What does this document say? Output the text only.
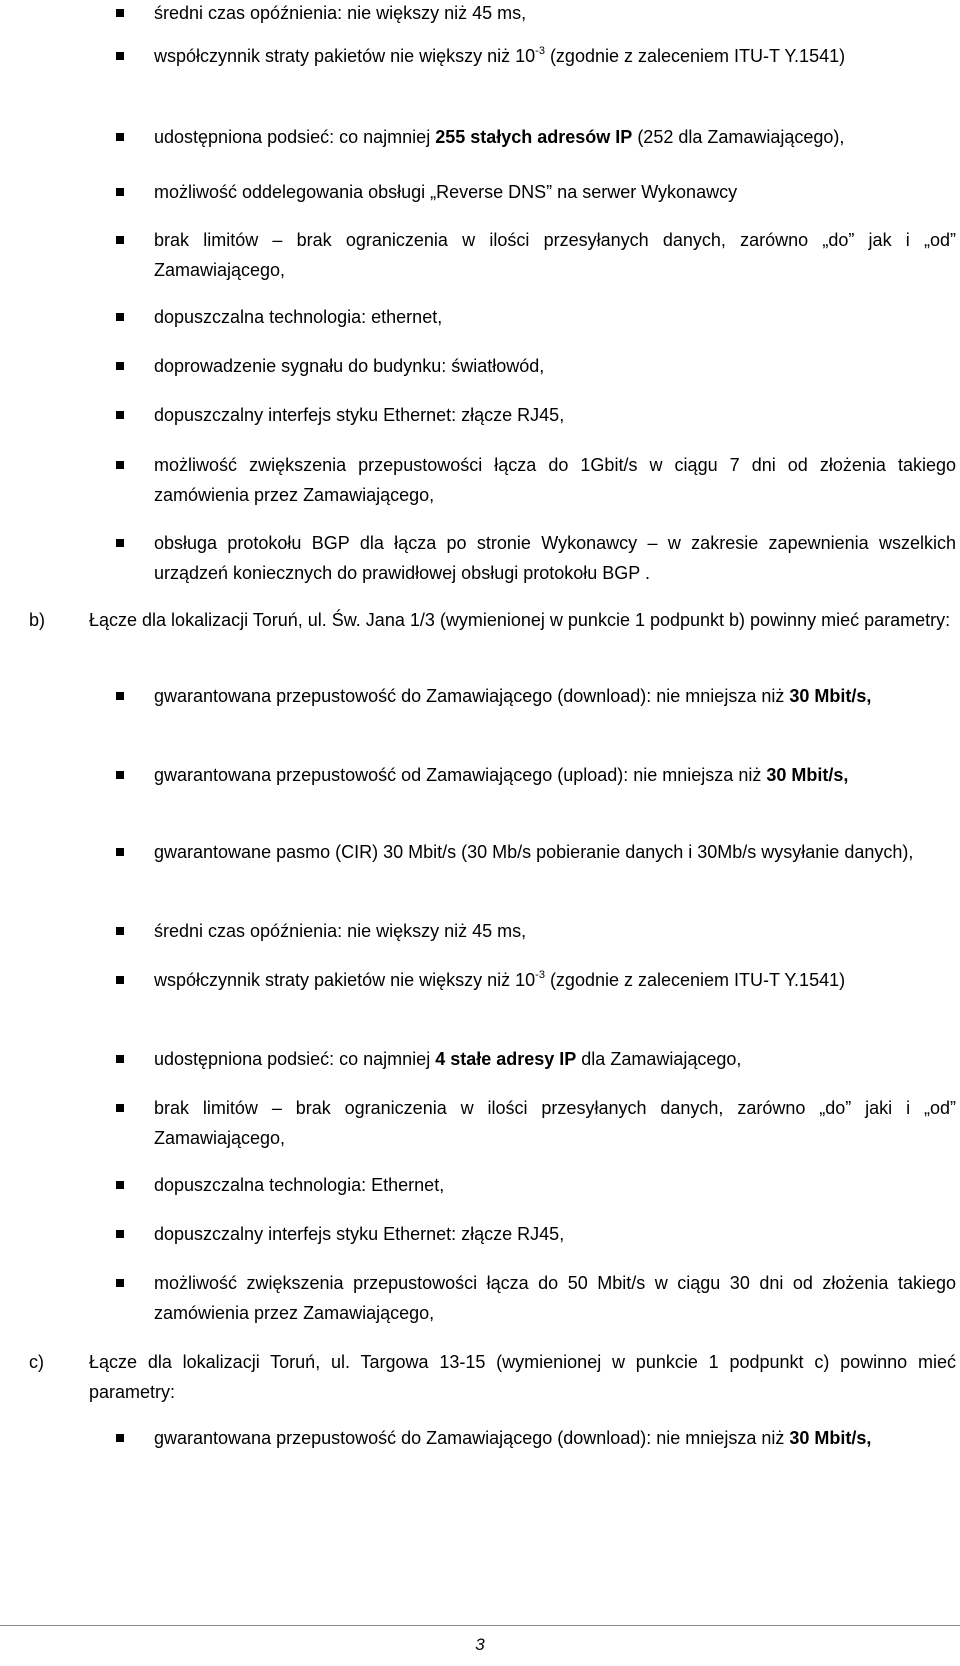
średni czas opóźnienia: nie większy niż 45 ms,
współczynnik straty pakietów nie większy niż $10^{-3}$ (zgodnie z zaleceniem ITU-T Y.1541)
udostępniona podsieć: co najmniej 255 stałych adresów IP (252 dla Zamawiającego),
możliwość oddelegowania obsługi „Reverse DNS” na serwer Wykonawcy
brak limitów – brak ograniczenia w ilości przesyłanych danych, zarówno „do” jak i „od” Zamawiającego,
dopuszczalna technologia: ethernet,
doprowadzenie sygnału do budynku: światłowód,
dopuszczalny interfejs styku Ethernet: złącze RJ45,
możliwość zwiększenia przepustowości łącza do 1Gbit/s w ciągu 7 dni od złożenia takiego zamówienia przez Zamawiającego,
obsługa protokołu BGP dla łącza po stronie Wykonawcy – w zakresie zapewnienia wszelkich urządzeń koniecznych do prawidłowej obsługi protokołu BGP .
b) Łącze dla lokalizacji Toruń, ul. Św. Jana 1/3 (wymienionej w punkcie 1 podpunkt b) powinny mieć parametry:
gwarantowana przepustowość do Zamawiającego (download): nie mniejsza niż 30 Mbit/s,
gwarantowana przepustowość od Zamawiającego (upload): nie mniejsza niż 30 Mbit/s,
gwarantowane pasmo (CIR) 30 Mbit/s (30 Mb/s pobieranie danych i 30Mb/s wysyłanie danych),
średni czas opóźnienia: nie większy niż 45 ms,
współczynnik straty pakietów nie większy niż $10^{-3}$ (zgodnie z zaleceniem ITU-T Y.1541)
udostępniona podsieć: co najmniej 4 stałe adresy IP dla Zamawiającego,
brak limitów – brak ograniczenia w ilości przesyłanych danych, zarówno „do” jaki i „od” Zamawiającego,
dopuszczalna technologia: Ethernet,
dopuszczalny interfejs styku Ethernet: złącze RJ45,
możliwość zwiększenia przepustowości łącza do 50 Mbit/s w ciągu 30 dni od złożenia takiego zamówienia przez Zamawiającego,
c)	Łącze dla lokalizacji Toruń, ul. Targowa 13-15 (wymienionej w punkcie 1 podpunkt c) powinno mieć parametry:
gwarantowana przepustowość do Zamawiającego (download): nie mniejsza niż 30 Mbit/s,
3
